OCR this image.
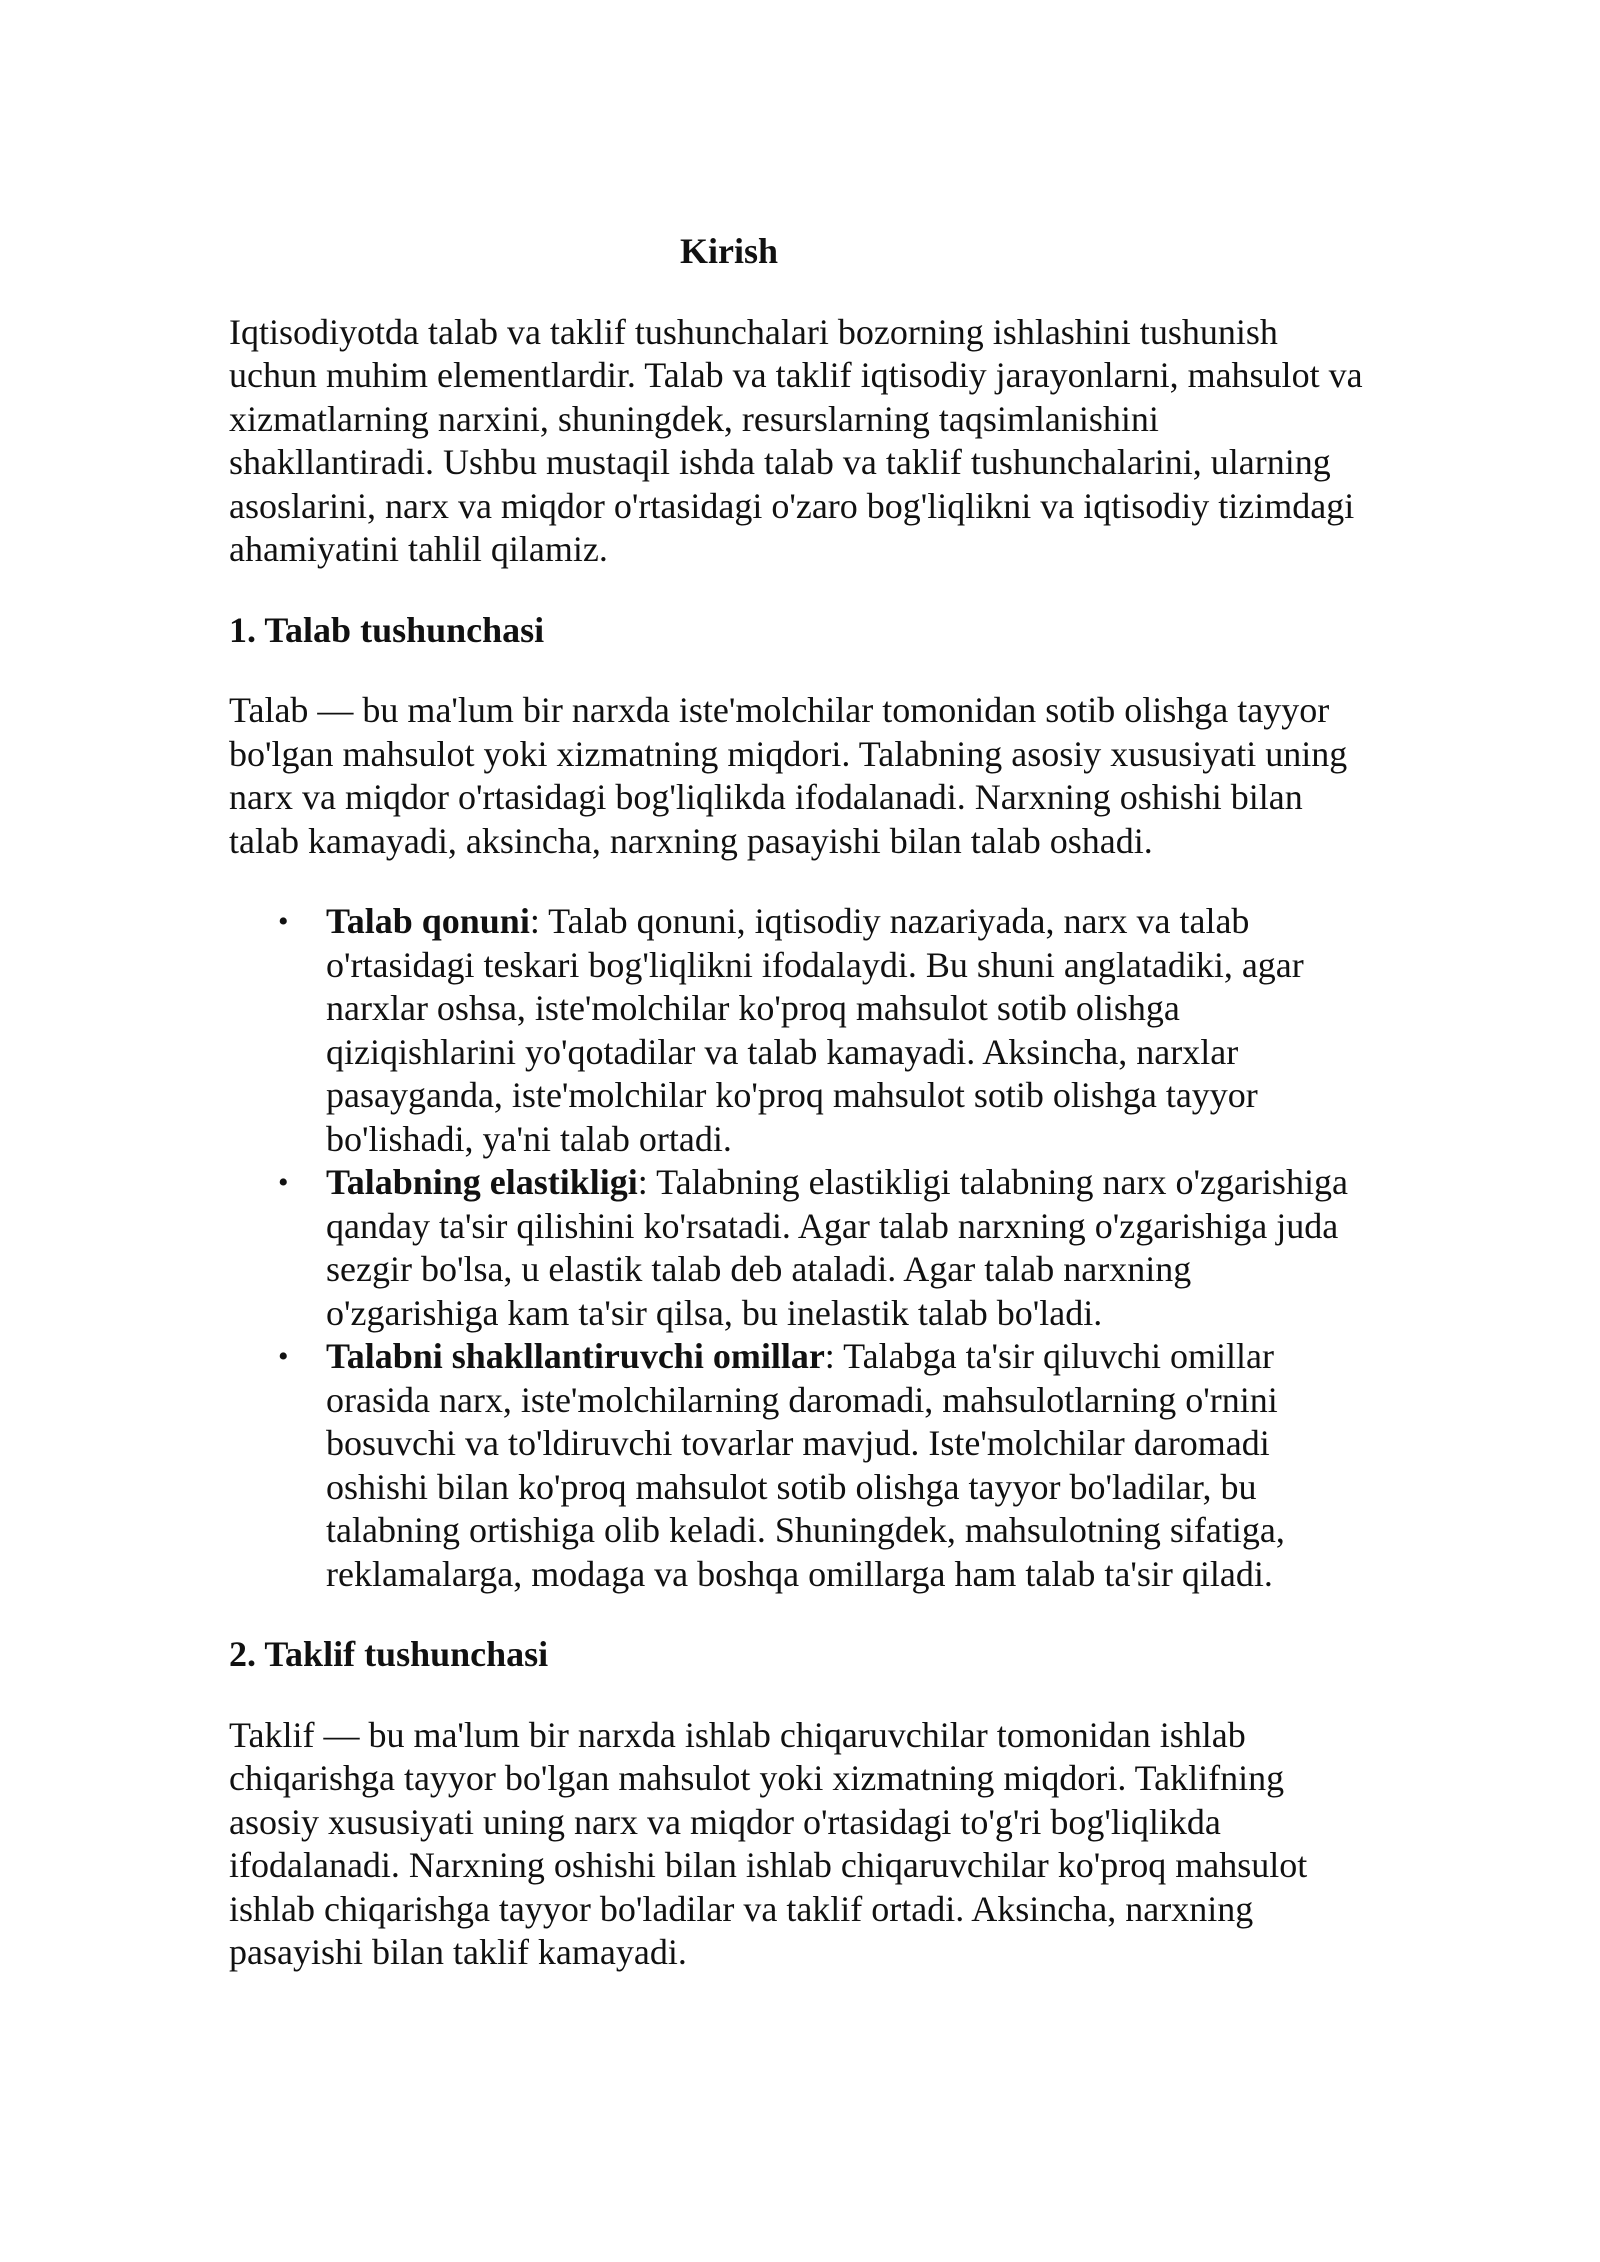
Kirish

Iqtisodiyotda talab va taklif tushunchalari bozorning ishlashini tushunish uchun muhim elementlardir. Talab va taklif iqtisodiy jarayonlarni, mahsulot va xizmatlarning narxini, shuningdek, resurslarning taqsimlanishini shakllantiradi. Ushbu mustaqil ishda talab va taklif tushunchalarini, ularning asoslarini, narx va miqdor o'rtasidagi o'zaro bog'liqlikni va iqtisodiy tizimdagi ahamiyatini tahlil qilamiz.

1. Talab tushunchasi

Talab — bu ma'lum bir narxda iste'molchilar tomonidan sotib olishga tayyor bo'lgan mahsulot yoki xizmatning miqdori. Talabning asosiy xususiyati uning narx va miqdor o'rtasidagi bog'liqlikda ifodalanadi. Narxning oshishi bilan talab kamayadi, aksincha, narxning pasayishi bilan talab oshadi.

• Talab qonuni: Talab qonuni, iqtisodiy nazariyada, narx va talab o'rtasidagi teskari bog'liqlikni ifodalaydi. Bu shuni anglatadiki, agar narxlar oshsa, iste'molchilar ko'proq mahsulot sotib olishga qiziqishlarini yo'qotadilar va talab kamayadi. Aksincha, narxlar pasayganda, iste'molchilar ko'proq mahsulot sotib olishga tayyor bo'lishadi, ya'ni talab ortadi.
• Talabning elastikligi: Talabning elastikligi talabning narx o'zgarishiga qanday ta'sir qilishini ko'rsatadi. Agar talab narxning o'zgarishiga juda sezgir bo'lsa, u elastik talab deb ataladi. Agar talab narxning o'zgarishiga kam ta'sir qilsa, bu inelastik talab bo'ladi.
• Talabni shakllantiruvchi omillar: Talabga ta'sir qiluvchi omillar orasida narx, iste'molchilarning daromadi, mahsulotlarning o'rnini bosuvchi va to'ldiruvchi tovarlar mavjud. Iste'molchilar daromadi oshishi bilan ko'proq mahsulot sotib olishga tayyor bo'ladilar, bu talabning ortishiga olib keladi. Shuningdek, mahsulotning sifatiga, reklamalarga, modaga va boshqa omillarga ham talab ta'sir qiladi.
2. Taklif tushunchasi

Taklif — bu ma'lum bir narxda ishlab chiqaruvchilar tomonidan ishlab chiqarishga tayyor bo'lgan mahsulot yoki xizmatning miqdori. Taklifning asosiy xususiyati uning narx va miqdor o'rtasidagi to'g'ri bog'liqlikda ifodalanadi. Narxning oshishi bilan ishlab chiqaruvchilar ko'proq mahsulot ishlab chiqarishga tayyor bo'ladilar va taklif ortadi. Aksincha, narxning pasayishi bilan taklif kamayadi.
